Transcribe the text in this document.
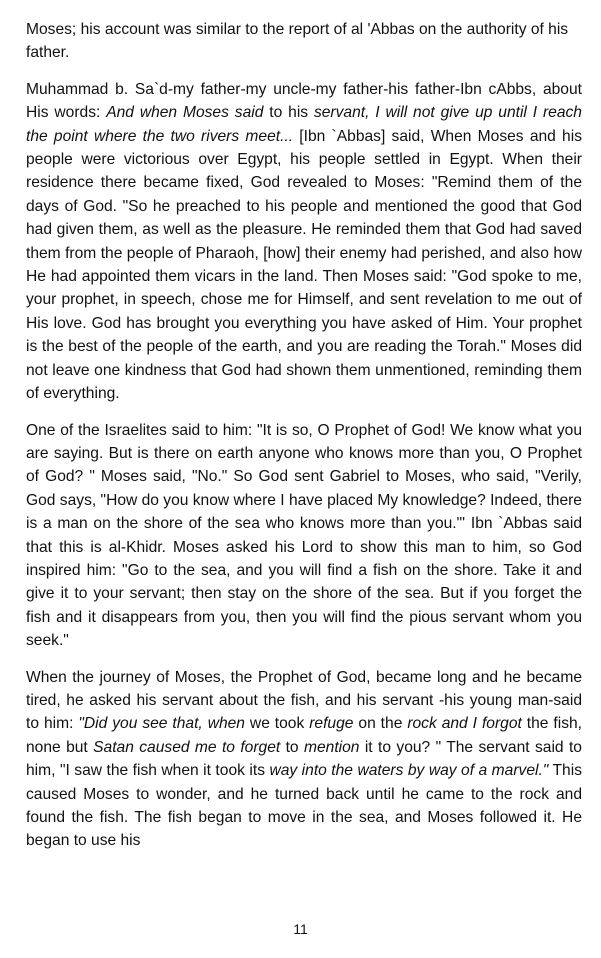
Moses; his account was similar to the report of al 'Abbas on the authority of his father.

Muhammad b. Sa`d-my father-my uncle-my father-his father-Ibn cAbbs, about His words: And when Moses said to his servant, I will not give up until I reach the point where the two rivers meet... [Ibn `Abbas] said, When Moses and his people were victorious over Egypt, his people settled in Egypt. When their residence there became fixed, God revealed to Moses: "Remind them of the days of God. "So he preached to his people and mentioned the good that God had given them, as well as the pleasure. He reminded them that God had saved them from the people of Pharaoh, [how] their enemy had perished, and also how He had appointed them vicars in the land. Then Moses said: "God spoke to me, your prophet, in speech, chose me for Himself, and sent revelation to me out of His love. God has brought you everything you have asked of Him. Your prophet is the best of the people of the earth, and you are reading the Torah." Moses did not leave one kindness that God had shown them unmentioned, reminding them of everything.

One of the Israelites said to him: "It is so, O Prophet of God! We know what you are saying. But is there on earth anyone who knows more than you, O Prophet of God? " Moses said, "No." So God sent Gabriel to Moses, who said, "Verily, God says, "How do you know where I have placed My knowledge? Indeed, there is a man on the shore of the sea who knows more than you."' Ibn `Abbas said that this is al-Khidr. Moses asked his Lord to show this man to him, so God inspired him: "Go to the sea, and you will find a fish on the shore. Take it and give it to your servant; then stay on the shore of the sea. But if you forget the fish and it disappears from you, then you will find the pious servant whom you seek."

When the journey of Moses, the Prophet of God, became long and he became tired, he asked his servant about the fish, and his servant -his young man-said to him: "Did you see that, when we took refuge on the rock and I forgot the fish, none but Satan caused me to forget to mention it to you? " The servant said to him, "I saw the fish when it took its way into the waters by way of a marvel." This caused Moses to wonder, and he turned back until he came to the rock and found the fish. The fish began to move in the sea, and Moses followed it. He began to use his

11
